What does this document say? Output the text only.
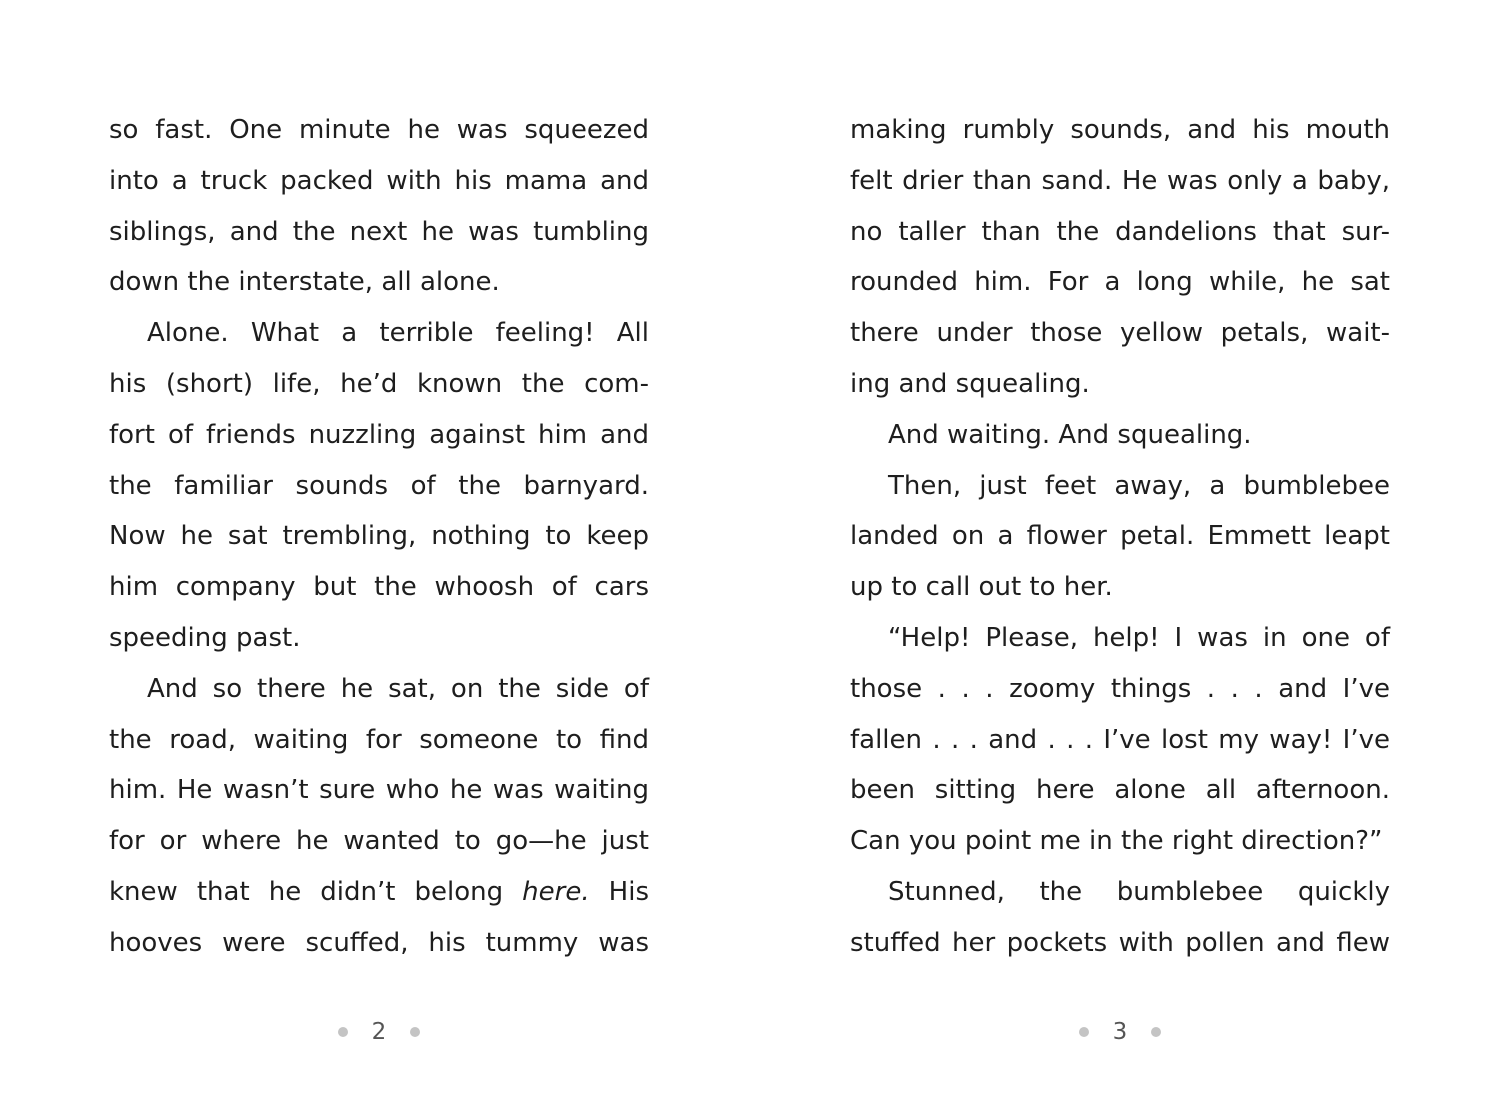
so fast. One minute he was squeezed
into a truck packed with his mama and
siblings, and the next he was tumbling
down the interstate, all alone.
Alone. What a terrible feeling! All
his (short) life, he’d known the com-
fort of friends nuzzling against him and
the familiar sounds of the barnyard.
Now he sat trembling, nothing to keep
him company but the whoosh of cars
speeding past.
And so there he sat, on the side of
the road, waiting for someone to find
him. He wasn’t sure who he was waiting
for or where he wanted to go—he just
knew that he didn’t belong here. His
hooves were scuffed, his tummy was
making rumbly sounds, and his mouth
felt drier than sand. He was only a baby,
no taller than the dandelions that sur-
rounded him. For a long while, he sat
there under those yellow petals, wait-
ing and squealing.
And waiting. And squealing.
Then, just feet away, a bumblebee
landed on a flower petal. Emmett leapt
up to call out to her.
“Help! Please, help! I was in one of
those . . . zoomy things . . . and I’ve
fallen . . . and . . . I’ve lost my way! I’ve
been sitting here alone all afternoon.
Can you point me in the right direction?”
Stunned, the bumblebee quickly
stuffed her pockets with pollen and flew
2	3
